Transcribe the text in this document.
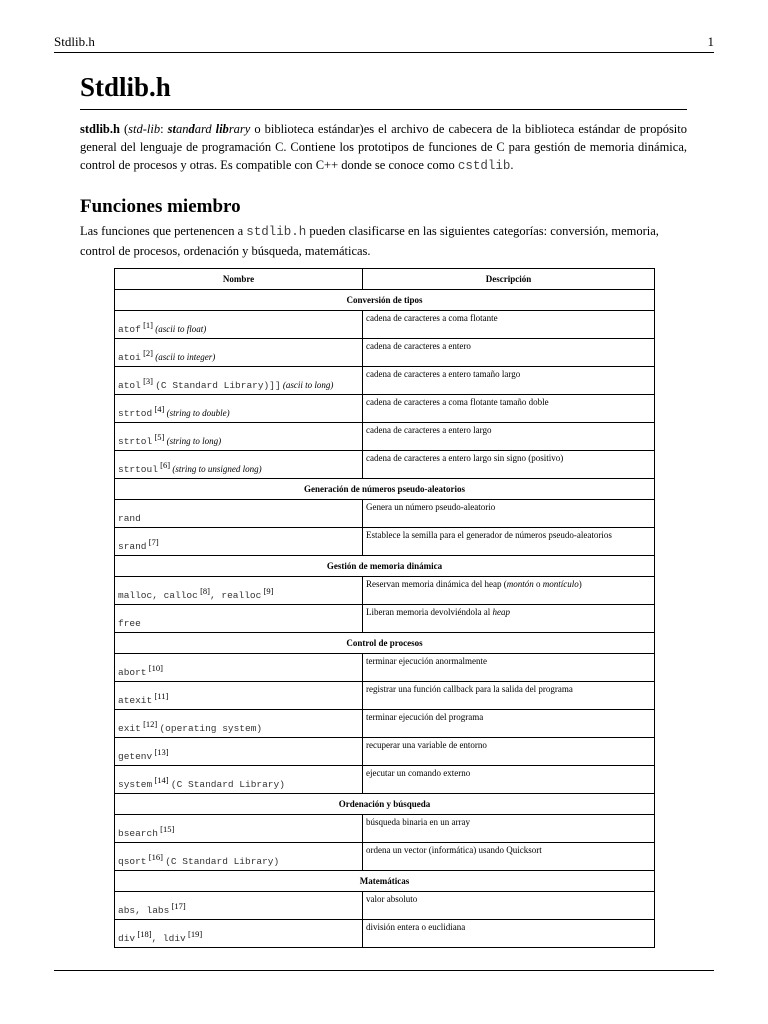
Stdlib.h	1
Stdlib.h

stdlib.h (std-lib: standard library o biblioteca estándar)es el archivo de cabecera de la biblioteca estándar de propósito general del lenguaje de programación C. Contiene los prototipos de funciones de C para gestión de memoria dinámica, control de procesos y otras. Es compatible con C++ donde se conoce como cstdlib.

Funciones miembro

Las funciones que pertenencen a stdlib.h pueden clasificarse en las siguientes categorías: conversión, memoria, control de procesos, ordenación y búsqueda, matemáticas.

Nombre	Descripción
Conversión de tipos	
atof [1] (ascii to float)	cadena de caracteres a coma flotante
atoi [2] (ascii to integer)	cadena de caracteres a entero
atol [3] (C Standard Library)]] (ascii to long)	cadena de caracteres a entero tamaño largo
strtod [4] (string to double)	cadena de caracteres a coma flotante tamaño doble
strtol [5] (string to long)	cadena de caracteres a entero largo
strtoul [6] (string to unsigned long)	cadena de caracteres a entero largo sin signo (positivo)
Generación de números pseudo-aleatorios	
rand	Genera un número pseudo-aleatorio
srand [7]	Establece la semilla para el generador de números pseudo-aleatorios
Gestión de memoria dinámica	
malloc, calloc [8], realloc [9]	Reservan memoria dinámica del heap (montón o montículo)
free	Liberan memoria devolviéndola al heap
Control de procesos	
abort [10]	terminar ejecución anormalmente
atexit [11]	registrar una función callback para la salida del programa
exit [12] (operating system)	terminar ejecución del programa
getenv [13]	recuperar una variable de entorno
system [14] (C Standard Library)	ejecutar un comando externo
Ordenación y búsqueda	
bsearch [15]	búsqueda binaria en un array
qsort [16] (C Standard Library)	ordena un vector (informática) usando Quicksort
Matemáticas	
abs, labs [17]	valor absoluto
div [18], ldiv [19]	división entera o euclidiana
